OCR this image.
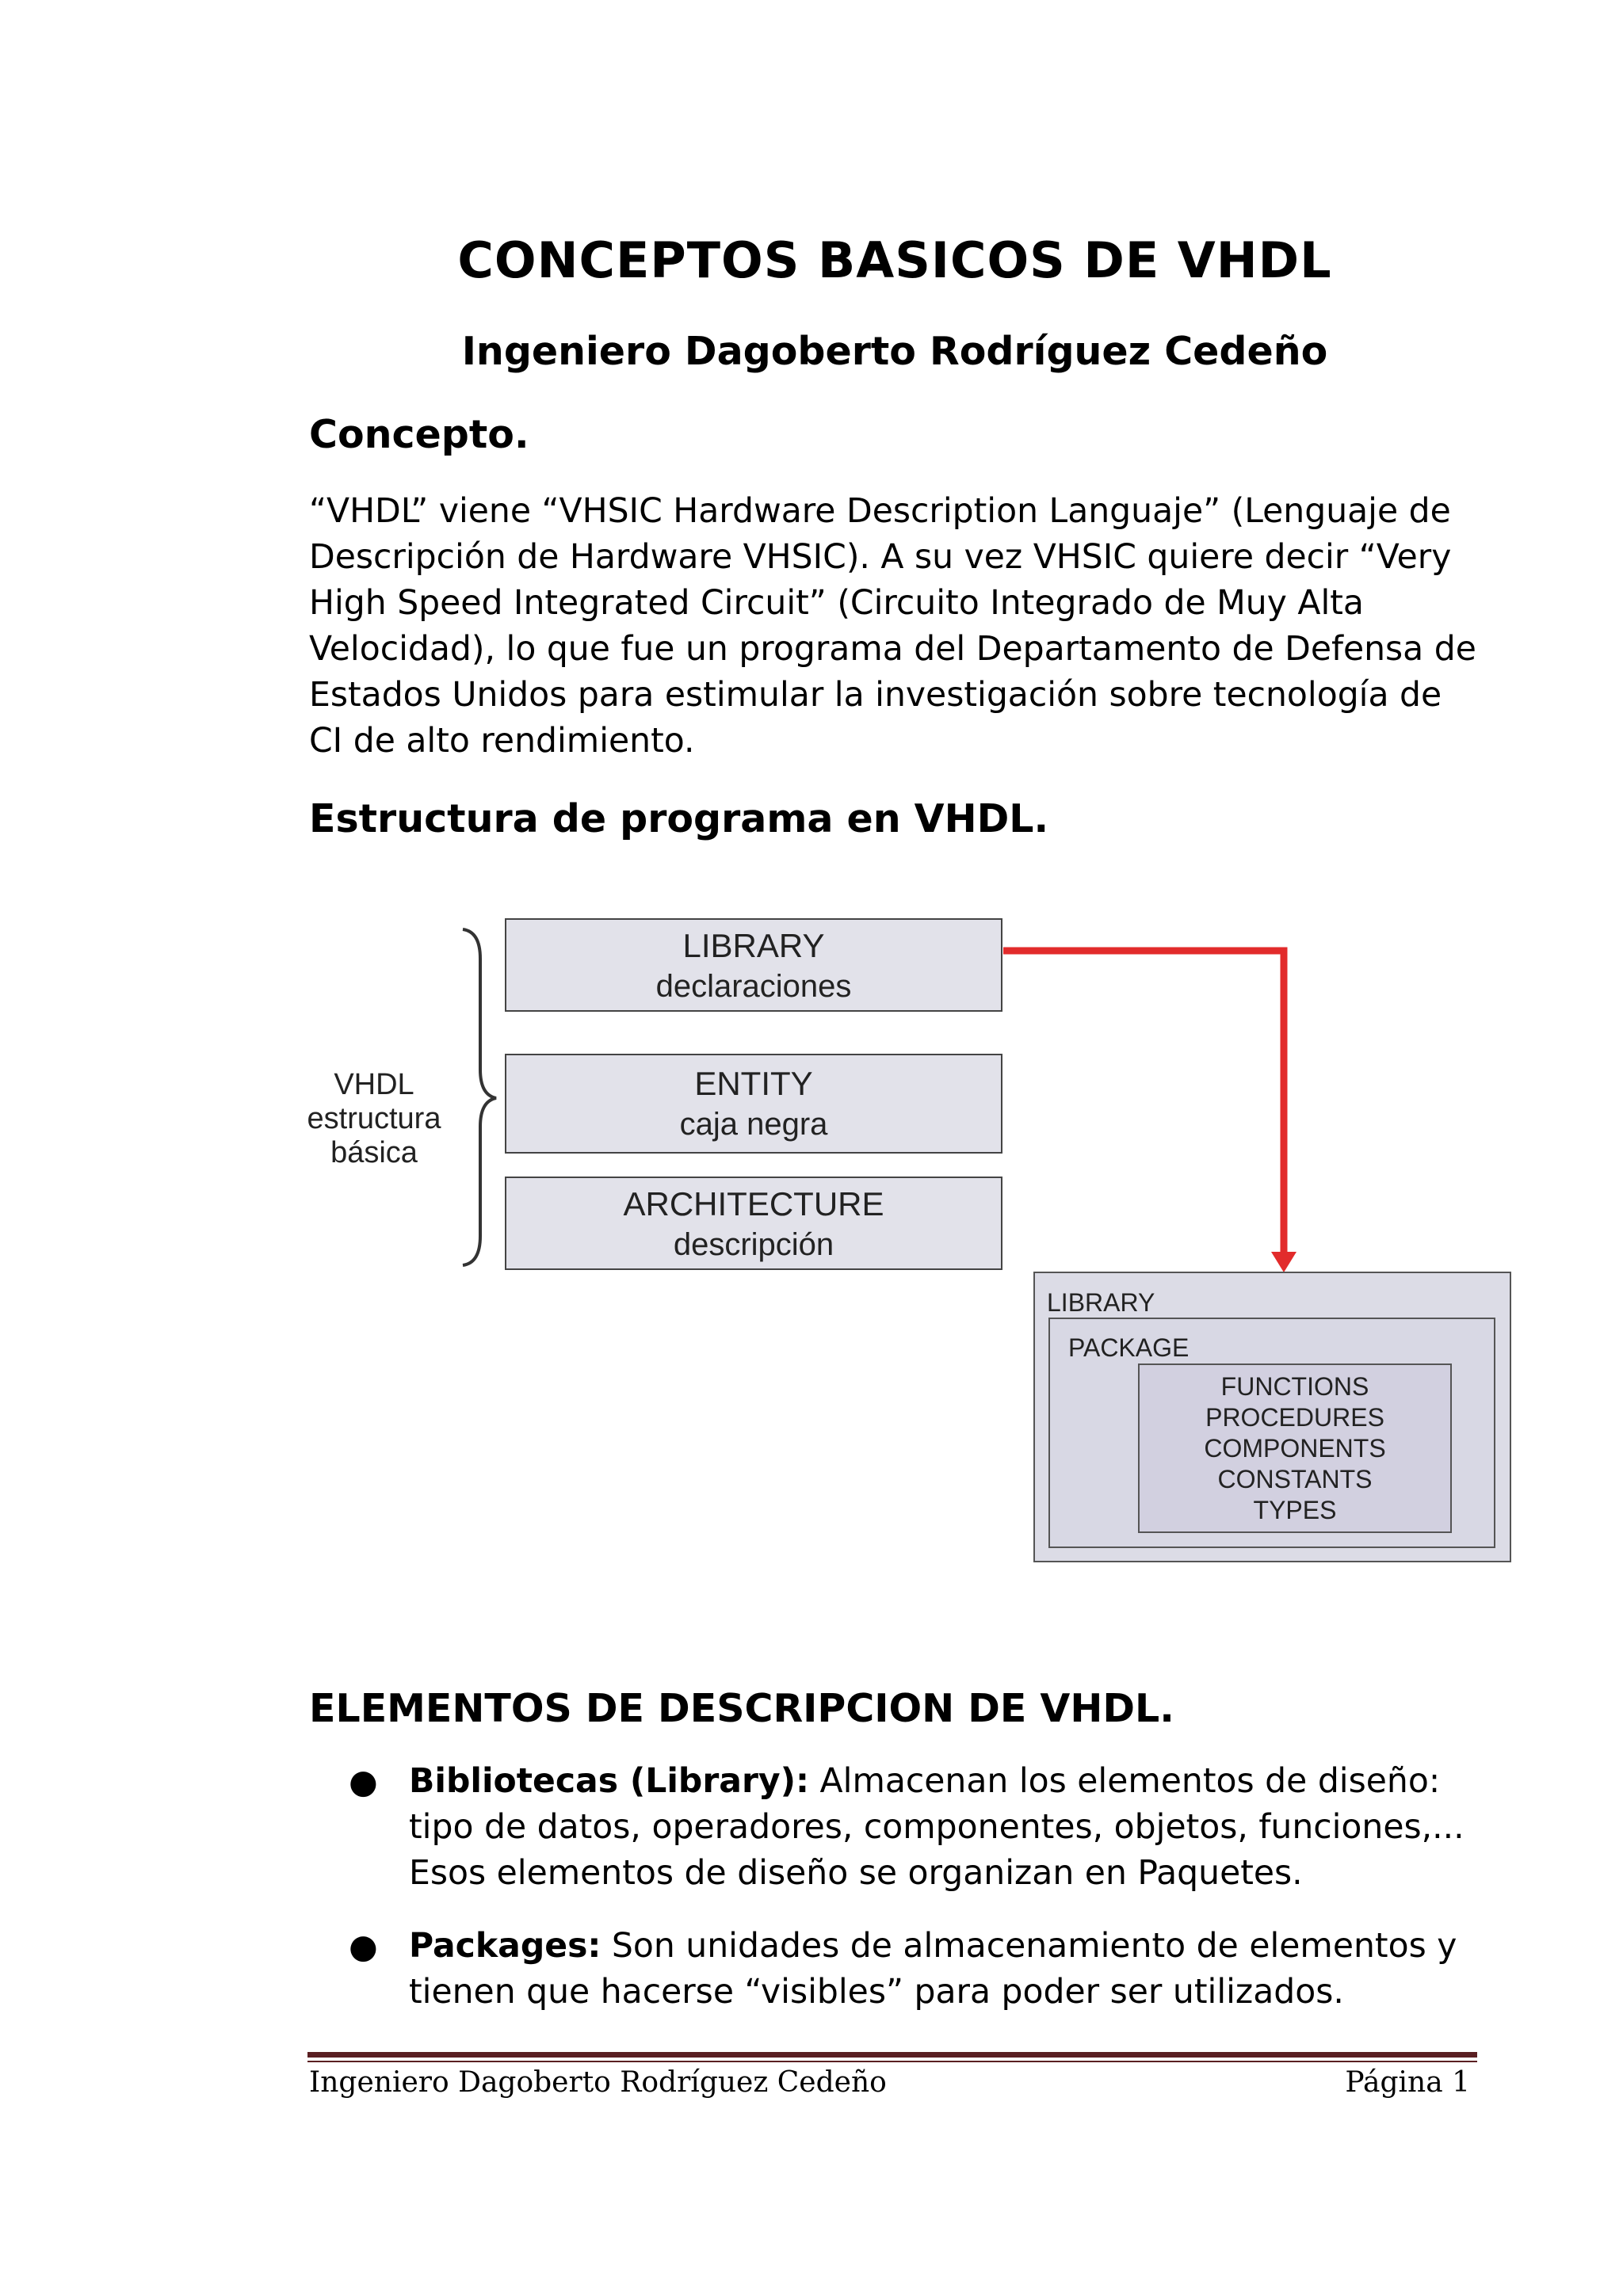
CONCEPTOS BASICOS DE VHDL
Ingeniero Dagoberto Rodríguez Cedeño
Concepto.

“VHDL” viene “VHSIC Hardware Description Languaje” (Lenguaje de Descripción de Hardware VHSIC). A su vez VHSIC quiere decir “Very High Speed Integrated Circuit” (Circuito Integrado de Muy Alta Velocidad), lo que fue un programa del Departamento de Defensa de Estados Unidos para estimular la investigación sobre tecnología de CI de alto rendimiento.

Estructura de programa en VHDL.
VHDL
estructura
básica
LIBRARY
declaraciones
ENTITY
caja negra
ARCHITECTURE
descripción
LIBRARY
PACKAGE
FUNCTIONS
PROCEDURES
COMPONENTS
CONSTANTS
TYPES
ELEMENTOS DE DESCRIPCION DE VHDL.
● Bibliotecas (Library): Almacenan los elementos de diseño: tipo de datos, operadores, componentes, objetos, funciones,... Esos elementos de diseño se organizan en Paquetes.
● Packages: Son unidades de almacenamiento de elementos y tienen que hacerse “visibles” para poder ser utilizados.
Ingeniero Dagoberto Rodríguez Cedeño	Página 1
